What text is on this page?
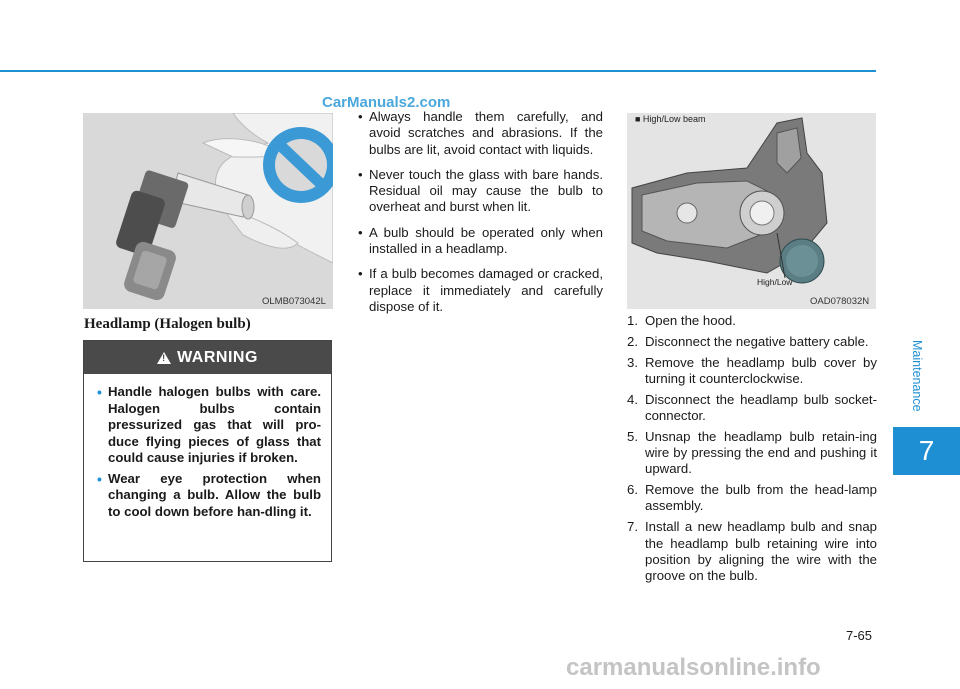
CarManuals2.com
OLMB073042L
Headlamp (Halogen bulb)
!
WARNING
• Handle halogen bulbs with care. Halogen bulbs contain pressurized gas that will pro-duce flying pieces of glass that could cause injuries if broken.
• Wear eye protection when changing a bulb. Allow the bulb to cool down before han-dling it.
• Always handle them carefully, and avoid scratches and abrasions. If the bulbs are lit, avoid contact with liquids.
• Never touch the glass with bare hands. Residual oil may cause the bulb to overheat and burst when lit.
• A bulb should be operated only when installed in a headlamp.
• If a bulb becomes damaged or cracked, replace it immediately and carefully dispose of it.
■ High/Low beam
High/Low
OAD078032N
1. Open the hood.
2. Disconnect the negative battery cable.
3. Remove the headlamp bulb cover by turning it counterclockwise.
4. Disconnect the headlamp bulb socket-connector.
5. Unsnap the headlamp bulb retain-ing wire by pressing the end and pushing it upward.
6. Remove the bulb from the head-lamp assembly.
7. Install a new headlamp bulb and snap the headlamp bulb retaining wire into position by aligning the wire with the groove on the bulb.
Maintenance
7
7-65
carmanualsonline.info
